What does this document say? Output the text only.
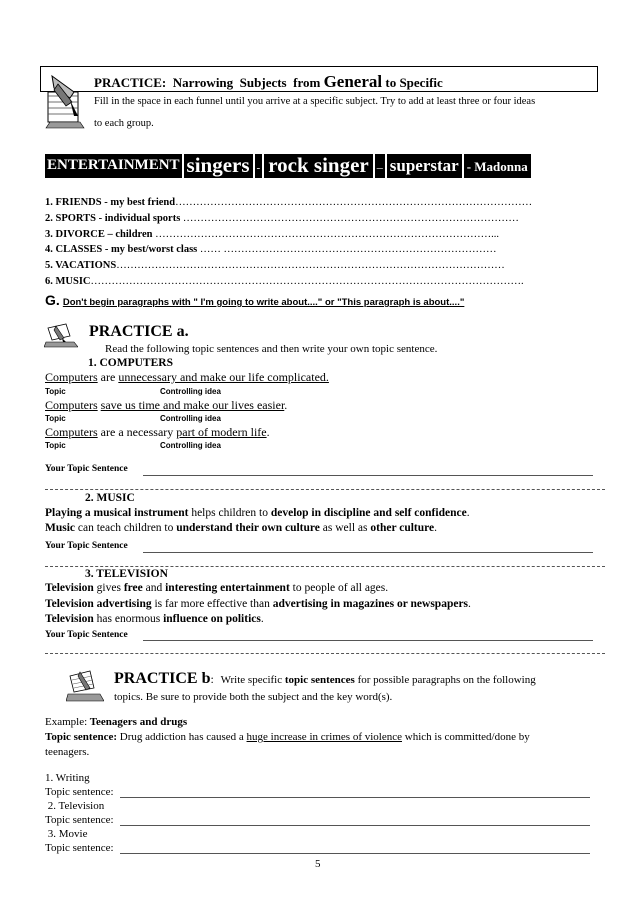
PRACTICE: Narrowing Subjects from General to Specific
Fill in the space in each funnel until you arrive at a specific subject. Try to add at least three or four ideas
to each group.
ENTERTAINMENT singers - rock singer – superstar - Madonna
1. FRIENDS - my best friend…………………………………………………………………………………………
2. SPORTS - individual sports ……………………………………………………………………………………
3. DIVORCE – children ……………………………………………………………………………………...
4. CLASSES - my best/worst class …… ……………………………………………………………………
5. VACATIONS…………………………………………………………………………………………………
6. MUSIC…………………………………………………………………………………………………………….
G. Don't begin paragraphs with " I'm going to write about...." or "This paragraph is about...."
PRACTICE a.
Read the following topic sentences and then write your own topic sentence.
1. COMPUTERS
Computers are unnecessary and make our life complicated.
Topic	Controlling idea
Computers save us time and make our lives easier.
Topic	Controlling idea
Computers are a necessary part of modern life.
Topic	Controlling idea
Your Topic Sentence
2. MUSIC
Playing a musical instrument helps children to develop in discipline and self confidence.
Music can teach children to understand their own culture as well as other culture.
Your Topic Sentence
3. TELEVISION
Television gives free and interesting entertainment to people of all ages.
Television advertising is far more effective than advertising in magazines or newspapers.
Television has enormous influence on politics.
Your Topic Sentence
PRACTICE b: Write specific topic sentences for possible paragraphs on the following
topics. Be sure to provide both the subject and the key word(s).
Example: Teenagers and drugs
Topic sentence: Drug addiction has caused a huge increase in crimes of violence which is committed/done by
teenagers.
1. Writing
Topic sentence:
2. Television
Topic sentence:
3. Movie
Topic sentence:
5
